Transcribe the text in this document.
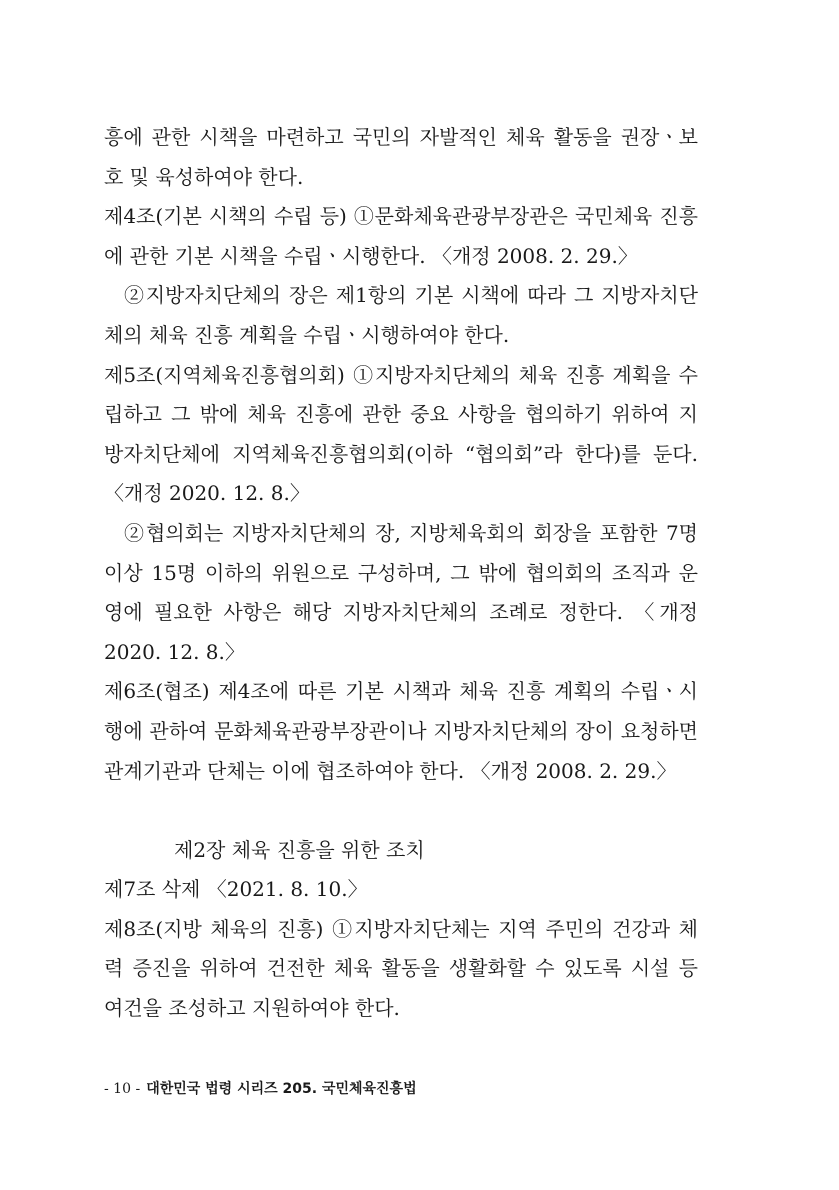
흥에 관한 시책을 마련하고 국민의 자발적인 체육 활동을 권장ㆍ보
호 및 육성하여야 한다.
제4조(기본 시책의 수립 등) ①문화체육관광부장관은 국민체육 진흥
에 관한 기본 시책을 수립ㆍ시행한다. 〈개정 2008. 2. 29.〉
②지방자치단체의 장은 제1항의 기본 시책에 따라 그 지방자치단
체의 체육 진흥 계획을 수립ㆍ시행하여야 한다.
제5조(지역체육진흥협의회) ①지방자치단체의 체육 진흥 계획을 수
립하고 그 밖에 체육 진흥에 관한 중요 사항을 협의하기 위하여 지
방자치단체에 지역체육진흥협의회(이하 “협의회”라 한다)를 둔다.
〈개정 2020. 12. 8.〉
②협의회는 지방자치단체의 장, 지방체육회의 회장을 포함한 7명
이상 15명 이하의 위원으로 구성하며, 그 밖에 협의회의 조직과 운
영에 필요한 사항은 해당 지방자치단체의 조례로 정한다. 〈개정
2020. 12. 8.〉
제6조(협조) 제4조에 따른 기본 시책과 체육 진흥 계획의 수립ㆍ시
행에 관하여 문화체육관광부장관이나 지방자치단체의 장이 요청하면
관계기관과 단체는 이에 협조하여야 한다. 〈개정 2008. 2. 29.〉
제2장 체육 진흥을 위한 조치
제7조 삭제 〈2021. 8. 10.〉
제8조(지방 체육의 진흥) ①지방자치단체는 지역 주민의 건강과 체
력 증진을 위하여 건전한 체육 활동을 생활화할 수 있도록 시설 등
여건을 조성하고 지원하여야 한다.
- 10 - 대한민국 법령 시리즈 205. 국민체육진흥법
